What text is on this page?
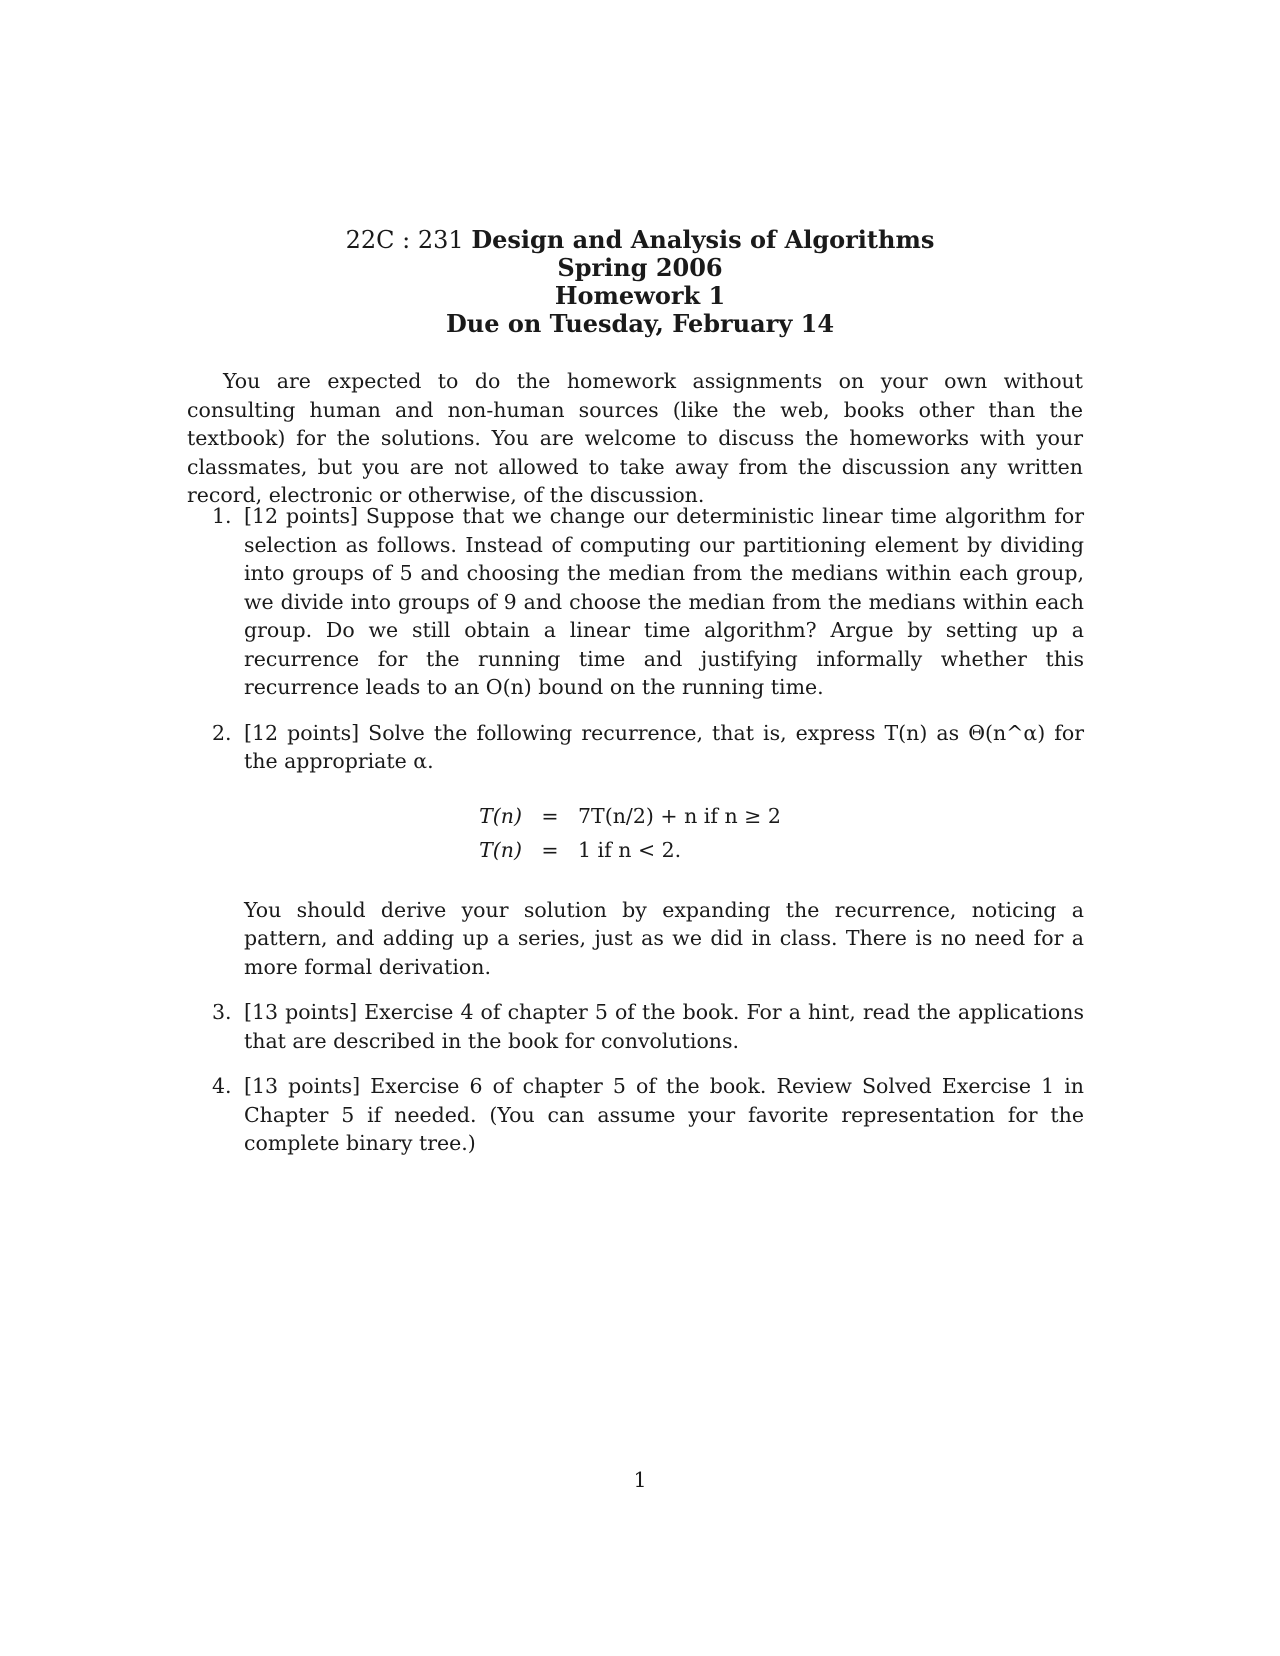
22C : 231 Design and Analysis of Algorithms
Spring 2006
Homework 1
Due on Tuesday, February 14

You are expected to do the homework assignments on your own without consulting human and non-human sources (like the web, books other than the textbook) for the solutions. You are welcome to discuss the homeworks with your classmates, but you are not allowed to take away from the discussion any written record, electronic or otherwise, of the discussion.

1. [12 points] Suppose that we change our deterministic linear time algorithm for selection as follows. Instead of computing our partitioning element by dividing into groups of 5 and choosing the median from the medians within each group, we divide into groups of 9 and choose the median from the medians within each group. Do we still obtain a linear time algorithm? Argue by setting up a recurrence for the running time and justifying informally whether this recurrence leads to an O(n) bound on the running time.
2. [12 points] Solve the following recurrence, that is, express T(n) as Θ(n^α) for the appropriate α.
T(n) = 7T(n/2) + n if n ≥ 2
T(n) = 1 if n < 2.
You should derive your solution by expanding the recurrence, noticing a pattern, and adding up a series, just as we did in class. There is no need for a more formal derivation.
3. [13 points] Exercise 4 of chapter 5 of the book. For a hint, read the applications that are described in the book for convolutions.
4. [13 points] Exercise 6 of chapter 5 of the book. Review Solved Exercise 1 in Chapter 5 if needed. (You can assume your favorite representation for the complete binary tree.)
1
